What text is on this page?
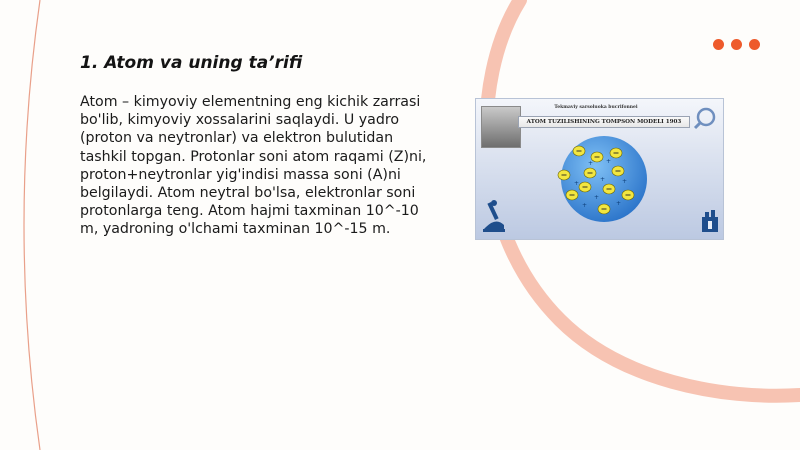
1. Atom va uning ta’rifi

Atom – kimyoviy elementning eng kichik zarrasi bo'lib, kimyoviy xossalarini saqlaydi. U yadro (proton va neytronlar) va elektron bulutidan tashkil topgan. Protonlar soni atom raqami (Z)ni, proton+neytronlar yig'indisi massa soni (A)ni belgilaydi. Atom neytral bo'lsa, elektronlar soni protonlarga teng. Atom hajmi taxminan 10^-10 m, yadroning o'lchami taxminan 10^-15 m.

Tekmaviy sarsoluoka bucrifonnei
ATOM TUZILISHINING TOMPSON MODELI 1903
+ +
+
+	+
+
+
+
